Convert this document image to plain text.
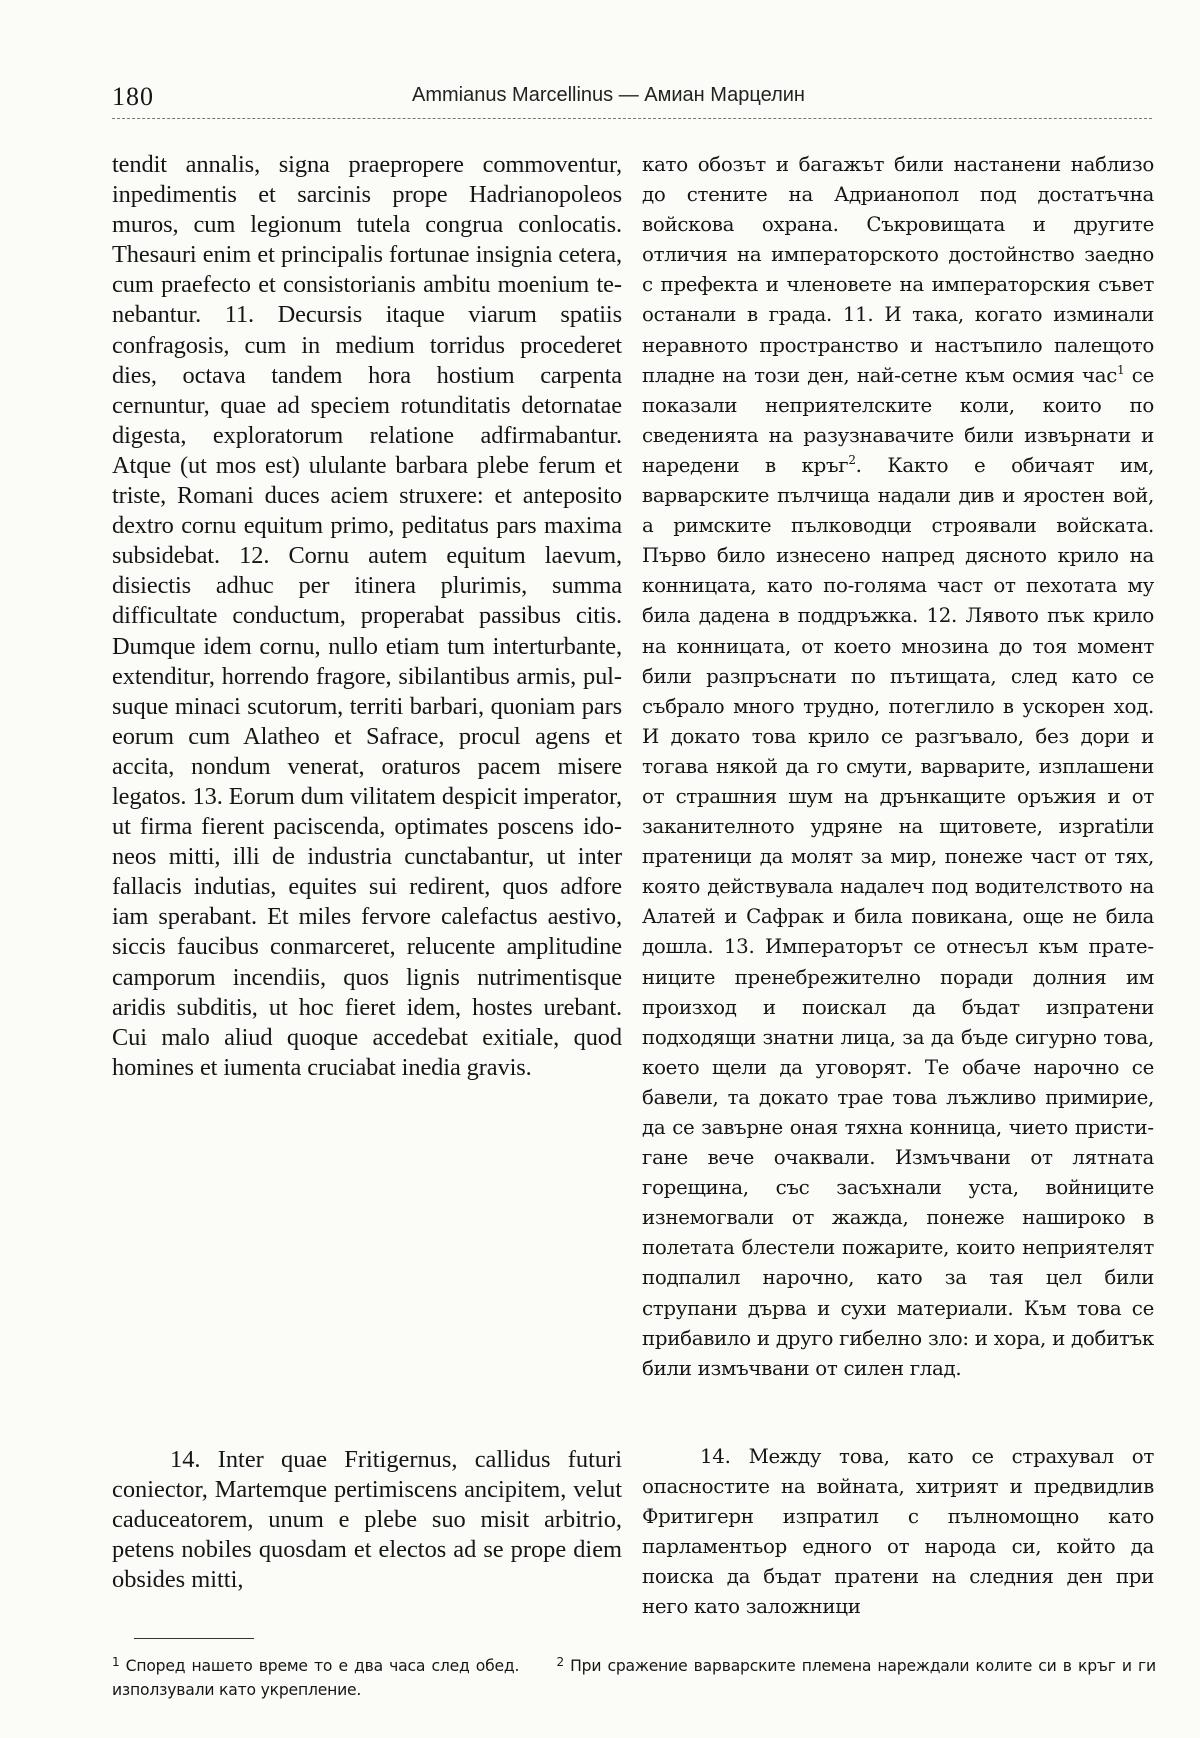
180	Ammianus Marcellinus — Амиан Марцелин

tendit annalis, signa praepropere commoventur, inpedimentis et sarcinis prope Hadrianopoleos muros, cum legionum tutela congrua conlocatis. Thesauri enim et principalis fortunae insignia cetera, cum praefecto et consistorianis ambitu moenium tenebantur. 11. Decursis itaque viarum spatiis confragosis, cum in medium torridus procederet dies, octava tandem hora hostium carpenta cernuntur, quae ad speciem rotunditatis detornatae digesta, exploratorum relatione adfirmabantur. Atque (ut mos est) ululante barbara plebe ferum et triste, Romani duces aciem struxere: et anteposito dextro cornu equitum primo, peditatus pars maxima subsidebat. 12. Cornu autem equitum laevum, disiectis adhuc per itinera plurimis, summa difficultate conductum, properabat passibus citis. Dumque idem cornu, nullo etiam tum interturbante, extenditur, horrendo fragore, sibilantibus armis, pulsuque minaci scutorum, territi barbari, quoniam pars eorum cum Alatheo et Safrace, procul agens et accita, nondum venerat, oraturos pacem misere legatos. 13. Eorum dum vilitatem despicit imperator, ut firma fierent paciscenda, optimates poscens idoneos mitti, illi de industria cunctabantur, ut inter fallacis indutias, equites sui redirent, quos adfore iam sperabant. Et miles fervore calefactus aestivo, siccis faucibus conmarceret, relucente amplitudine camporum incendiis, quos lignis nutrimentisque aridis subditis, ut hoc fieret idem, hostes urebant. Cui malo aliud quoque accedebat exitiale, quod homines et iumenta cruciabat inedia gravis.

като обозът и багажът били настанени наблизо до стените на Адрианопол под достатъчна войскова охрана. Съкровищата и другите отличия на императорското достойнство заедно с префекта и членовете на императорския съвет останали в града. 11. И така, когато изминали неравното пространство и настъпило палещото пладне на този ден, най-сетне към осмия час$^1$ се показали неприятелските коли, които по сведенията на разузнавачите били извърнати и наредени в кръг$^2$. Както е обичаят им, варварските пълчища надали див и яростен вой, а римските пълководци строявали войската. Първо било изнесено напред дясното крило на конницата, като по-голяма част от пехотата му била дадена в поддръжка. 12. Лявото пък крило на конницата, от което мнозина до тоя момент били разпръснати по пътищата, след като се събрало много трудно, потеглило в ускорен ход. И докато това крило се разгъвало, без дори и тогава някой да го смути, варварите, изплашени от страшния шум на дрънкащите оръжия и от заканителното удряне на щитовете, изpratiли пратеници да молят за мир, понеже част от тях, която действувала надалеч под водителството на Алатей и Сафрак и била повикана, още не била дошла. 13. Императорът се отнесъл към пратениците пренебрежително поради долния им произход и поискал да бъдат изпратени подходящи знатни лица, за да бъде сигурно това, което щели да уговорят. Те обаче нарочно се бавели, та докато трае това лъжливо примирие, да се завърне оная тяхна конница, чието пристигане вече очаквали. Измъчвани от лятната горещина, със засъхнали уста, войниците изнемогвали от жажда, понеже нашироко в полетата блестели пожарите, които неприятелят подпалил нарочно, като за тая цел били струпани дърва и сухи материали. Към това се прибавило и друго гибелно зло: и хора, и добитък били измъчвани от силен глад.

14. Inter quae Fritigernus, callidus futuri coniector, Martemque pertimiscens ancipitem, velut caduceatorem, unum e plebe suo misit arbitrio, petens nobiles quosdam et electos ad se prope diem obsides mitti,

14. Между това, като се страхувал от опасностите на войната, хитрият и предвидлив Фритигерн изпратил с пълномощно като парламентьор едного от народа си, който да поиска да бъдат пратени на следния ден при него като заложници

$^1$ Според нашето време то е два часа след обед.	$^2$ При сражение варварските племена нареждали колите си в кръг и ги използували като укрепление.
